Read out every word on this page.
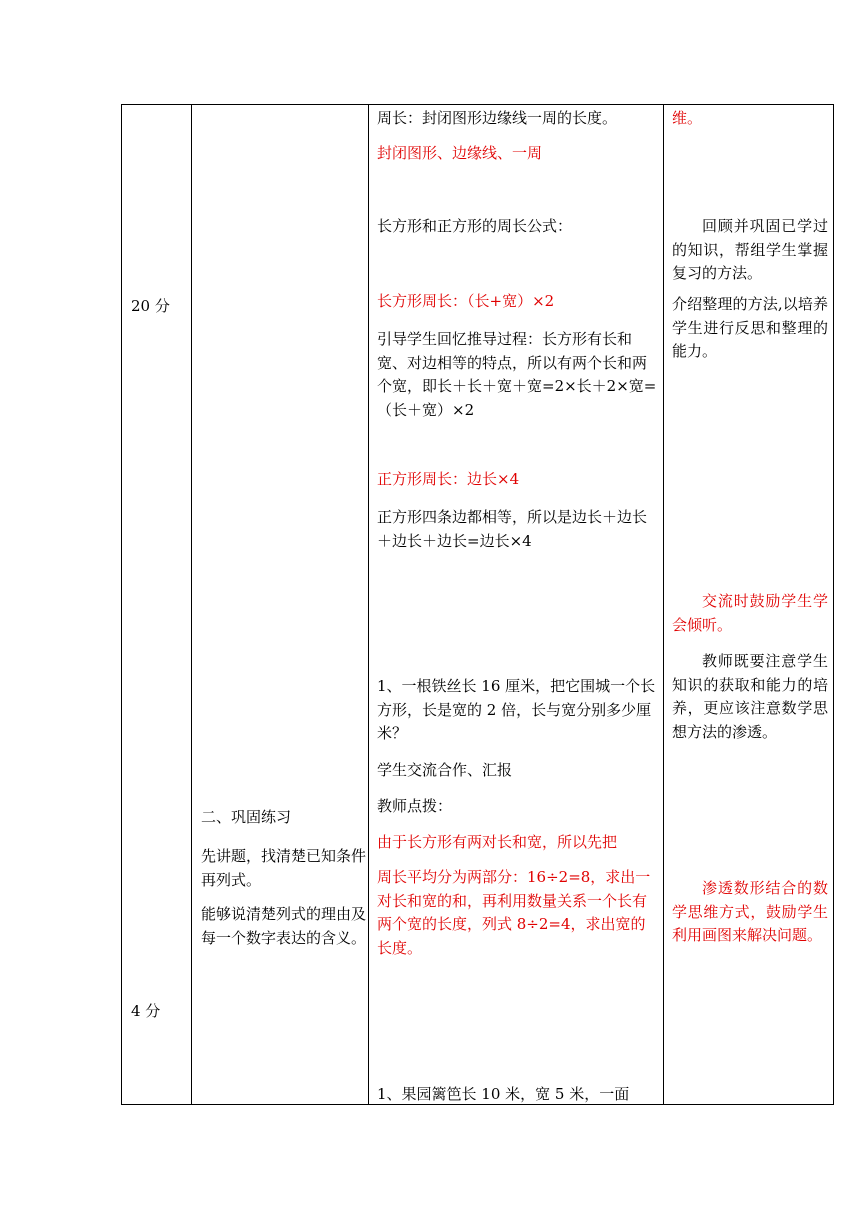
20 分
4 分
二、巩固练习
先讲题，找清楚已知条件再列式。
能够说清楚列式的理由及每一个数字表达的含义。
周长：封闭图形边缘线一周的长度。
封闭图形、边缘线、一周
长方形和正方形的周长公式：
长方形周长：（长+宽）×2
引导学生回忆推导过程：长方形有长和宽、对边相等的特点，所以有两个长和两个宽，即长＋长＋宽＋宽=2×长＋2×宽=（长＋宽）×2
正方形周长：边长×4
正方形四条边都相等，所以是边长＋边长＋边长＋边长=边长×4
1、一根铁丝长 16 厘米，把它围城一个长方形，长是宽的 2 倍，长与宽分别多少厘米？
学生交流合作、汇报
教师点拨：
由于长方形有两对长和宽，所以先把
周长平均分为两部分：16÷2=8，求出一对长和宽的和，再利用数量关系一个长有两个宽的长度，列式 8÷2=4，求出宽的长度。
1、果园篱笆长 10 米，宽 5 米，一面
维。
回顾并巩固已学过的知识，帮组学生掌握复习的方法。
介绍整理的方法,以培养学生进行反思和整理的能力。
交流时鼓励学生学会倾听。
教师既要注意学生知识的获取和能力的培养，更应该注意数学思想方法的渗透。
渗透数形结合的数学思维方式，鼓励学生利用画图来解决问题。
